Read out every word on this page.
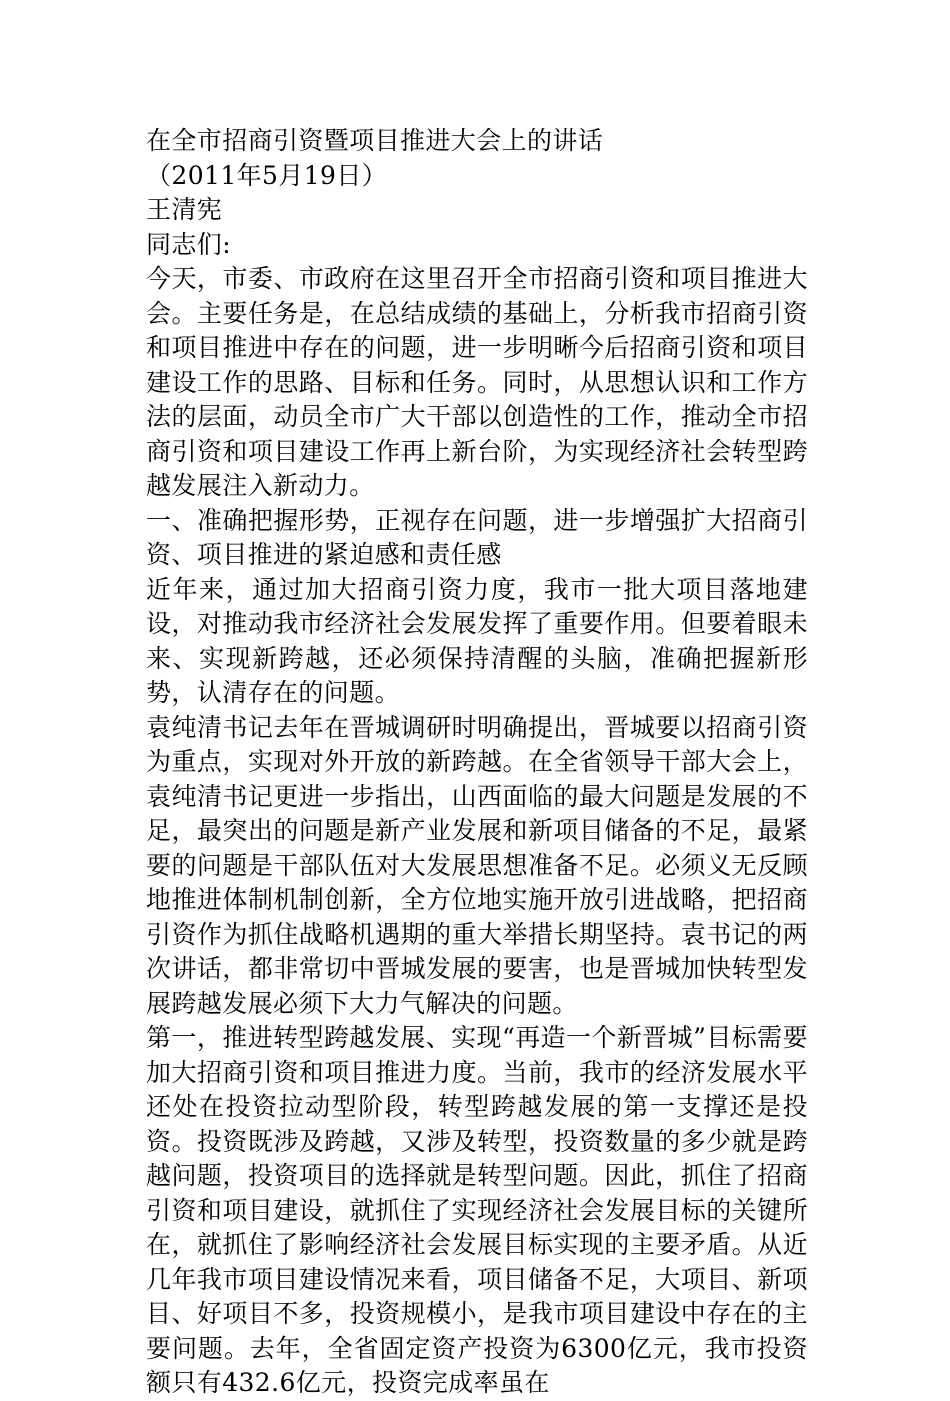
在全市招商引资暨项目推进大会上的讲话

（2011年5月19日）

王清宪

同志们:

今天，市委、市政府在这里召开全市招商引资和项目推进大会。主要任务是，在总结成绩的基础上，分析我市招商引资和项目推进中存在的问题，进一步明晰今后招商引资和项目建设工作的思路、目标和任务。同时，从思想认识和工作方法的层面，动员全市广大干部以创造性的工作，推动全市招商引资和项目建设工作再上新台阶，为实现经济社会转型跨越发展注入新动力。

一、准确把握形势，正视存在问题，进一步增强扩大招商引资、项目推进的紧迫感和责任感

近年来，通过加大招商引资力度，我市一批大项目落地建设，对推动我市经济社会发展发挥了重要作用。但要着眼未来、实现新跨越，还必须保持清醒的头脑，准确把握新形势，认清存在的问题。

袁纯清书记去年在晋城调研时明确提出，晋城要以招商引资为重点，实现对外开放的新跨越。在全省领导干部大会上，袁纯清书记更进一步指出，山西面临的最大问题是发展的不足，最突出的问题是新产业发展和新项目储备的不足，最紧要的问题是干部队伍对大发展思想准备不足。必须义无反顾地推进体制机制创新，全方位地实施开放引进战略，把招商引资作为抓住战略机遇期的重大举措长期坚持。袁书记的两次讲话，都非常切中晋城发展的要害，也是晋城加快转型发展跨越发展必须下大力气解决的问题。

第一，推进转型跨越发展、实现“再造一个新晋城”目标需要加大招商引资和项目推进力度。当前，我市的经济发展水平还处在投资拉动型阶段，转型跨越发展的第一支撑还是投资。投资既涉及跨越，又涉及转型，投资数量的多少就是跨越问题，投资项目的选择就是转型问题。因此，抓住了招商引资和项目建设，就抓住了实现经济社会发展目标的关键所在，就抓住了影响经济社会发展目标实现的主要矛盾。从近几年我市项目建设情况来看，项目储备不足，大项目、新项目、好项目不多，投资规模小，是我市项目建设中存在的主要问题。去年，全省固定资产投资为6300亿元，我市投资额只有432.6亿元，投资完成率虽在
